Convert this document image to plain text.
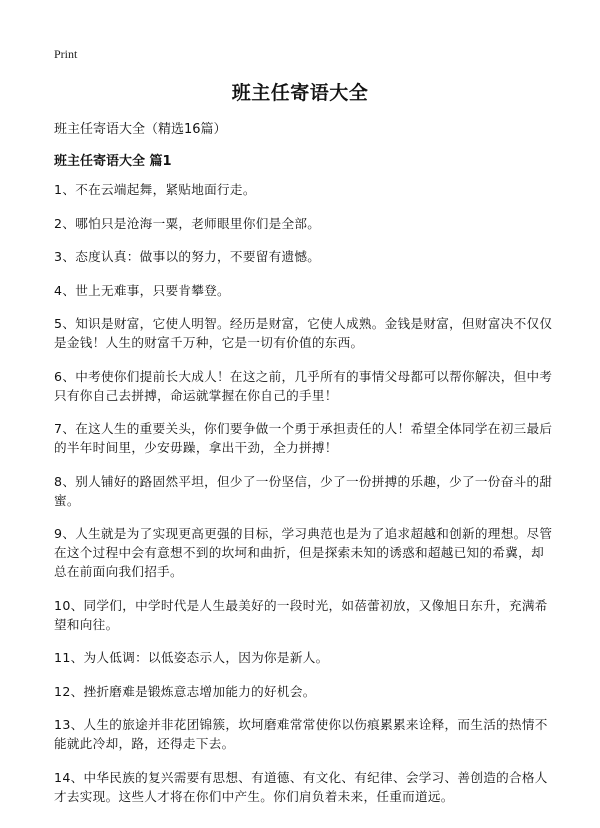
Print
班主任寄语大全
班主任寄语大全（精选16篇）
班主任寄语大全 篇1
1、不在云端起舞，紧贴地面行走。
2、哪怕只是沧海一粟，老师眼里你们是全部。
3、态度认真：做事以的努力，不要留有遗憾。
4、世上无难事，只要肯攀登。
5、知识是财富，它使人明智。经历是财富，它使人成熟。金钱是财富，但财富决不仅仅是金钱！人生的财富千万种，它是一切有价值的东西。
6、中考使你们提前长大成人！在这之前，几乎所有的事情父母都可以帮你解决，但中考只有你自己去拼搏，命运就掌握在你自己的手里！
7、在这人生的重要关头，你们要争做一个勇于承担责任的人！希望全体同学在初三最后的半年时间里，少安毋躁，拿出干劲，全力拼搏！
8、别人铺好的路固然平坦，但少了一份坚信，少了一份拼搏的乐趣，少了一份奋斗的甜蜜。
9、人生就是为了实现更高更强的目标，学习典范也是为了追求超越和创新的理想。尽管在这个过程中会有意想不到的坎坷和曲折，但是探索未知的诱惑和超越已知的希冀，却总在前面向我们招手。
10、同学们，中学时代是人生最美好的一段时光，如蓓蕾初放，又像旭日东升，充满希望和向往。
11、为人低调：以低姿态示人，因为你是新人。
12、挫折磨难是锻炼意志增加能力的好机会。
13、人生的旅途并非花团锦簇，坎坷磨难常常使你以伤痕累累来诠释，而生活的热情不能就此冷却，路，还得走下去。
14、中华民族的复兴需要有思想、有道德、有文化、有纪律、会学习、善创造的合格人才去实现。这些人才将在你们中产生。你们肩负着未来，任重而道远。
